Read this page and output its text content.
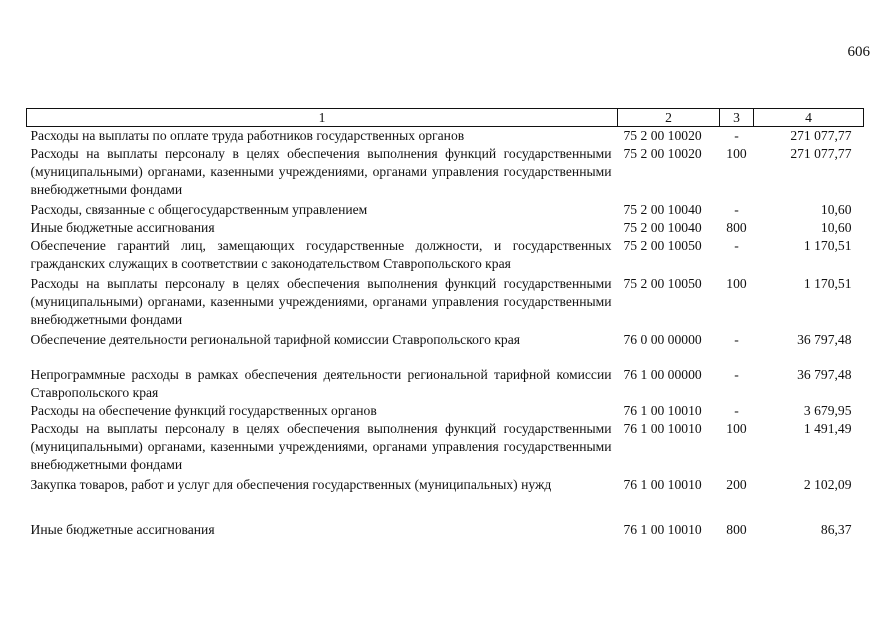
606
1	2	3	4
Расходы на выплаты по оплате труда работников государственных органов	75 2 00 10020	-	271 077,77
Расходы на выплаты персоналу в целях обеспечения выполнения функций государственными (муниципальными) органами, казенными учреждениями, органами управления государственными внебюджетными фондами	75 2 00 10020	100	271 077,77
Расходы, связанные с общегосударственным управлением	75 2 00 10040	-	10,60
Иные бюджетные ассигнования	75 2 00 10040	800	10,60
Обеспечение гарантий лиц, замещающих государственные должности, и государственных гражданских служащих в соответствии с законодательством Ставропольского края	75 2 00 10050	-	1 170,51
Расходы на выплаты персоналу в целях обеспечения выполнения функций государственными (муниципальными) органами, казенными учреждениями, органами управления государственными внебюджетными фондами	75 2 00 10050	100	1 170,51
Обеспечение деятельности региональной тарифной комиссии Ставропольского края	76 0 00 00000	-	36 797,48
Непрограммные расходы в рамках обеспечения деятельности региональной тарифной комиссии Ставропольского края	76 1 00 00000	-	36 797,48
Расходы на обеспечение функций государственных органов	76 1 00 10010	-	3 679,95
Расходы на выплаты персоналу в целях обеспечения выполнения функций государственными (муниципальными) органами, казенными учреждениями, органами управления государственными внебюджетными фондами	76 1 00 10010	100	1 491,49
Закупка товаров, работ и услуг для обеспечения государственных (муниципальных) нужд	76 1 00 10010	200	2 102,09
Иные бюджетные ассигнования	76 1 00 10010	800	86,37
